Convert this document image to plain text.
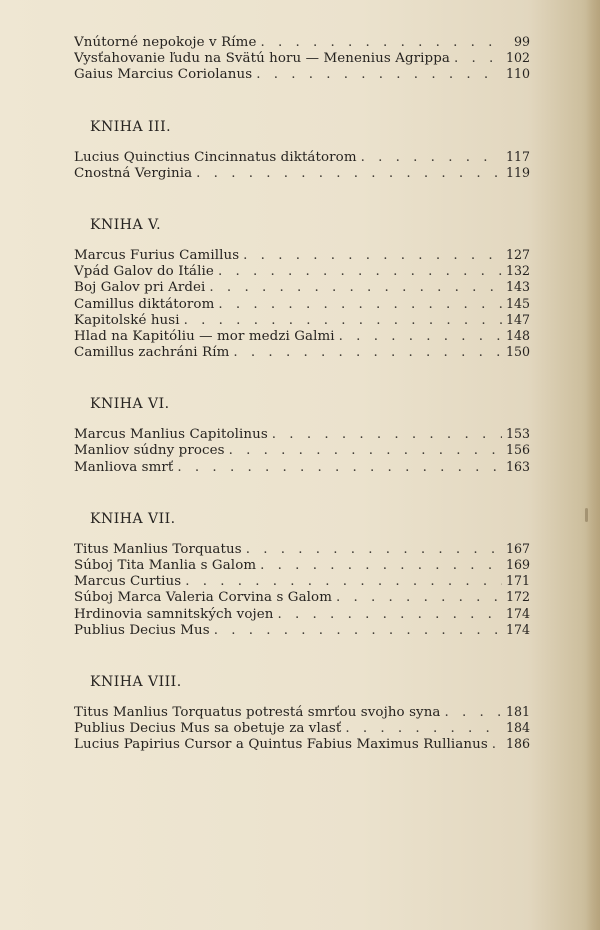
Vnútorné nepokoje v Ríme . . .	99
Vysťahovanie ľudu na Svätú horu — Menenius Agrippa . . .	102
Gaius Marcius Coriolanus . . .	110
KNIHA III.
Lucius Quinctius Cincinnatus diktátorom . . .	117
Cnostná Verginia . . .	119
KNIHA V.
Marcus Furius Camillus . . .	127
Vpád Galov do Itálie . . .	132
Boj Galov pri Ardei . . .	143
Camillus diktátorom . . .	145
Kapitolské husi . . .	147
Hlad na Kapitóliu — mor medzi Galmi . . .	148
Camillus zachráni Rím . . .	150
KNIHA VI.
Marcus Manlius Capitolinus . . .	153
Manliov súdny proces . . .	156
Manliova smrť . . .	163
KNIHA VII.
Titus Manlius Torquatus . . .	167
Súboj Tita Manlia s Galom . . .	169
Marcus Curtius . . .	171
Súboj Marca Valeria Corvina s Galom . . .	172
Hrdinovia samnitských vojen . . .	174
Publius Decius Mus . . .	174
KNIHA VIII.
Titus Manlius Torquatus potrestá smrťou svojho syna . . .	181
Publius Decius Mus sa obetuje za vlasť . . .	184
Lucius Papirius Cursor a Quintus Fabius Maximus Rullianus . . . 186
